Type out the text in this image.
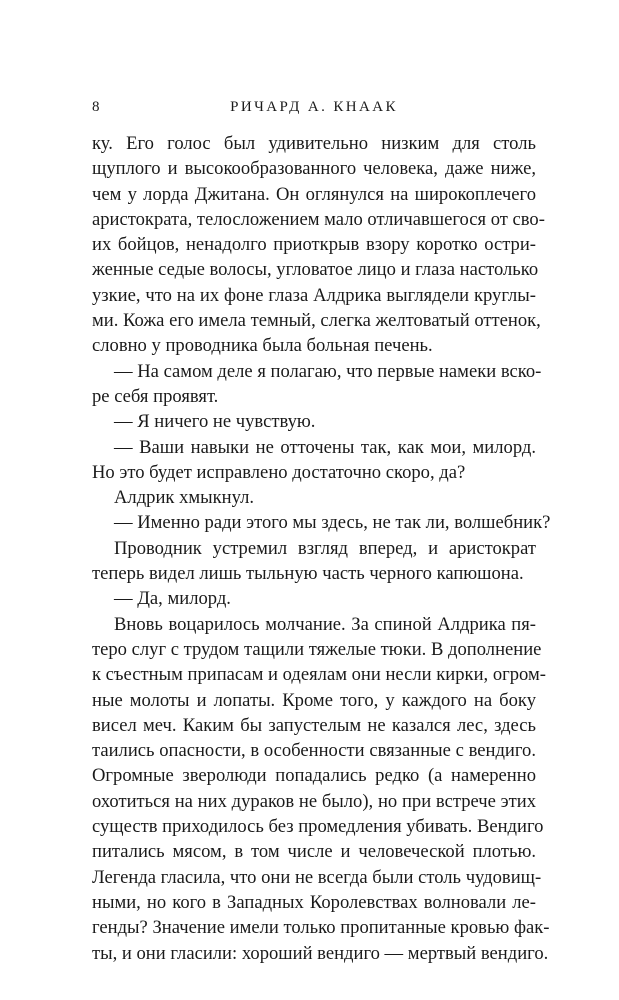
8	РИЧАРД А. КНААК
ку. Его голос был удивительно низким для столь
щуплого и высокообразованного человека, даже ниже,
чем у лорда Джитана. Он оглянулся на широкоплечего
аристократа, телосложением мало отличавшегося от сво-
их бойцов, ненадолго приоткрыв взору коротко остри-
женные седые волосы, угловатое лицо и глаза настолько
узкие, что на их фоне глаза Алдрика выглядели круглы-
ми. Кожа его имела темный, слегка желтоватый оттенок,
словно у проводника была больная печень.
— На самом деле я полагаю, что первые намеки вско-
ре себя проявят.
— Я ничего не чувствую.
— Ваши навыки не отточены так, как мои, милорд.
Но это будет исправлено достаточно скоро, да?
Алдрик хмыкнул.
— Именно ради этого мы здесь, не так ли, волшебник?
Проводник устремил взгляд вперед, и аристократ
теперь видел лишь тыльную часть черного капюшона.
— Да, милорд.
Вновь воцарилось молчание. За спиной Алдрика пя-
теро слуг с трудом тащили тяжелые тюки. В дополнение
к съестным припасам и одеялам они несли кирки, огром-
ные молоты и лопаты. Кроме того, у каждого на боку
висел меч. Каким бы запустелым не казался лес, здесь
таились опасности, в особенности связанные с вендиго.
Огромные зверолюди попадались редко (а намеренно
охотиться на них дураков не было), но при встрече этих
существ приходилось без промедления убивать. Вендиго
питались мясом, в том числе и человеческой плотью.
Легенда гласила, что они не всегда были столь чудовищ-
ными, но кого в Западных Королевствах волновали ле-
генды? Значение имели только пропитанные кровью фак-
ты, и они гласили: хороший вендиго — мертвый вендиго.
